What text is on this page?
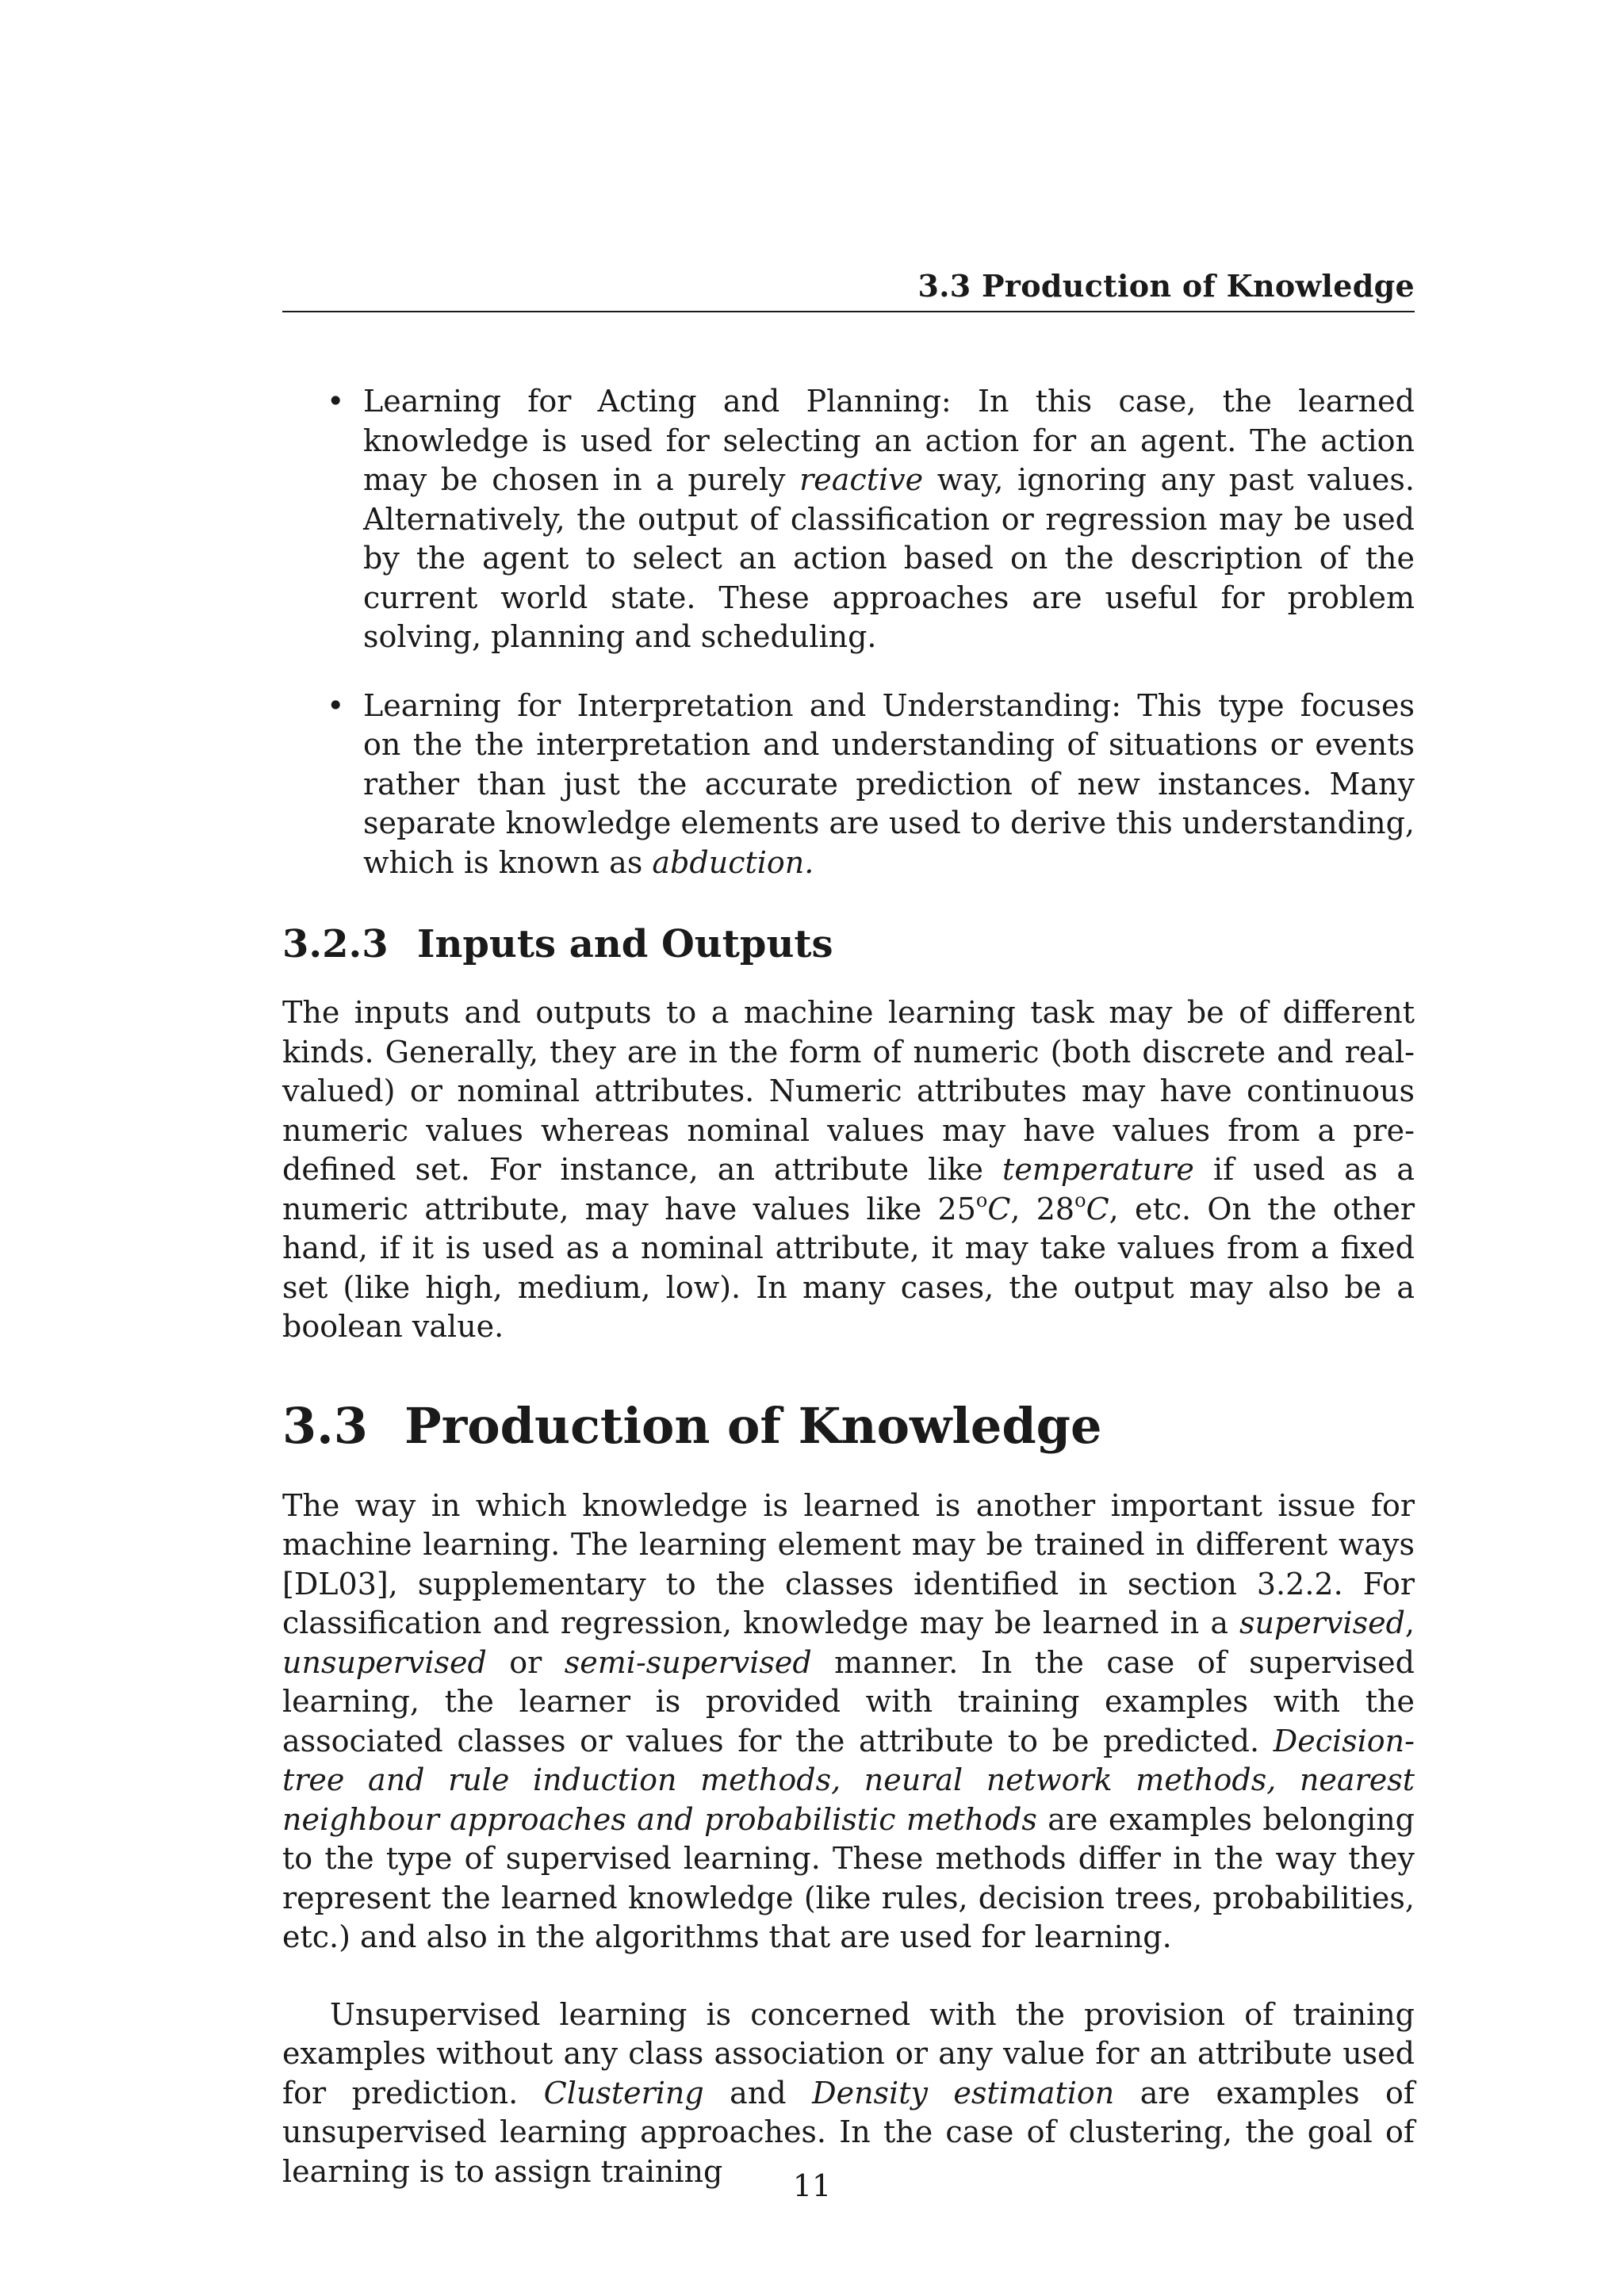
3.3 Production of Knowledge
• Learning for Acting and Planning: In this case, the learned knowledge is used for selecting an action for an agent. The action may be chosen in a purely reactive way, ignoring any past values. Alternatively, the output of classification or regression may be used by the agent to select an action based on the description of the current world state. These approaches are useful for problem solving, planning and scheduling.

• Learning for Interpretation and Understanding: This type focuses on the the interpretation and understanding of situations or events rather than just the accurate prediction of new instances. Many separate knowledge elements are used to derive this understanding, which is known as abduction.

3.2.3 Inputs and Outputs

The inputs and outputs to a machine learning task may be of different kinds. Generally, they are in the form of numeric (both discrete and real-valued) or nominal attributes. Numeric attributes may have continuous numeric values whereas nominal values may have values from a pre-defined set. For instance, an attribute like temperature if used as a numeric attribute, may have values like 25$^o$C, 28$^o$C, etc. On the other hand, if it is used as a nominal attribute, it may take values from a fixed set (like high, medium, low). In many cases, the output may also be a boolean value.

3.3 Production of Knowledge

The way in which knowledge is learned is another important issue for machine learning. The learning element may be trained in different ways [DL03], supplementary to the classes identified in section 3.2.2. For classification and regression, knowledge may be learned in a supervised, unsupervised or semi-supervised manner. In the case of supervised learning, the learner is provided with training examples with the associated classes or values for the attribute to be predicted. Decision-tree and rule induction methods, neural network methods, nearest neighbour approaches and probabilistic methods are examples belonging to the type of supervised learning. These methods differ in the way they represent the learned knowledge (like rules, decision trees, probabilities, etc.) and also in the algorithms that are used for learning.

Unsupervised learning is concerned with the provision of training examples without any class association or any value for an attribute used for prediction. Clustering and Density estimation are examples of unsupervised learning approaches. In the case of clustering, the goal of learning is to assign training	11
